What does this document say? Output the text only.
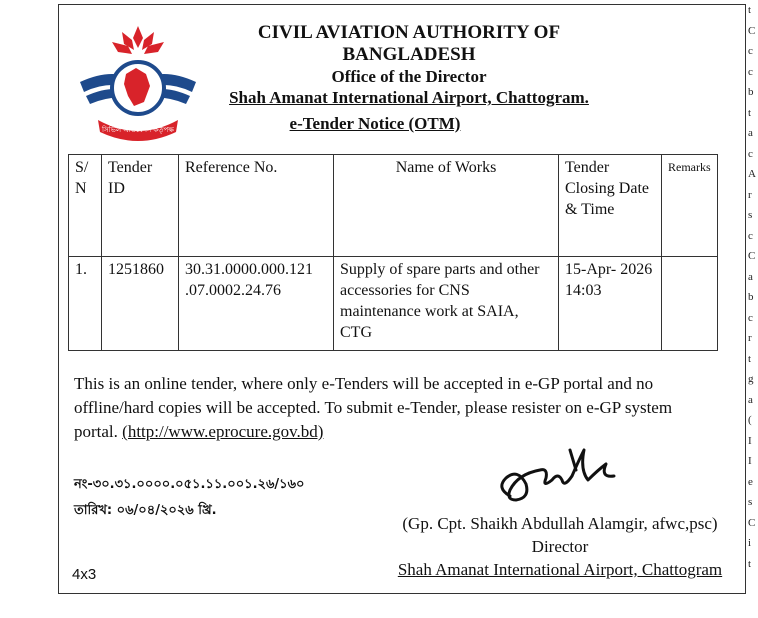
সিভিল এভিয়েশন কর্তৃপক্ষ
CIVIL AVIATION AUTHORITY OF BANGLADESH
Office of the Director
Shah Amanat International Airport, Chattogram.
e-Tender Notice (OTM)
S/ N	Tender ID	Reference No.	Name of Works	Tender Closing Date & Time	Remarks
1.	1251860	30.31.0000.000.121 .07.0002.24.76	Supply of spare parts and other accessories for CNS maintenance work at SAIA, CTG	15-Apr- 2026 14:03	
This is an online tender, where only e-Tenders will be accepted in e-GP portal and no offline/hard copies will be accepted. To submit e-Tender, please resister on e-GP system portal. (http://www.eprocure.gov.bd)
নং-৩০.৩১.০০০০.০৫১.১১.০০১.২৬/১৬০
তারিখ: ০৬/০৪/২০২৬ খ্রি.
4x3
(Gp. Cpt. Shaikh Abdullah Alamgir, afwc,psc)
Director
Shah Amanat International Airport, Chattogram
t
C
c
c
b
t
a
c
A
r
s
c
C
a
b
c
r
t
g
a
(
I
I
e
s
C
i
t
